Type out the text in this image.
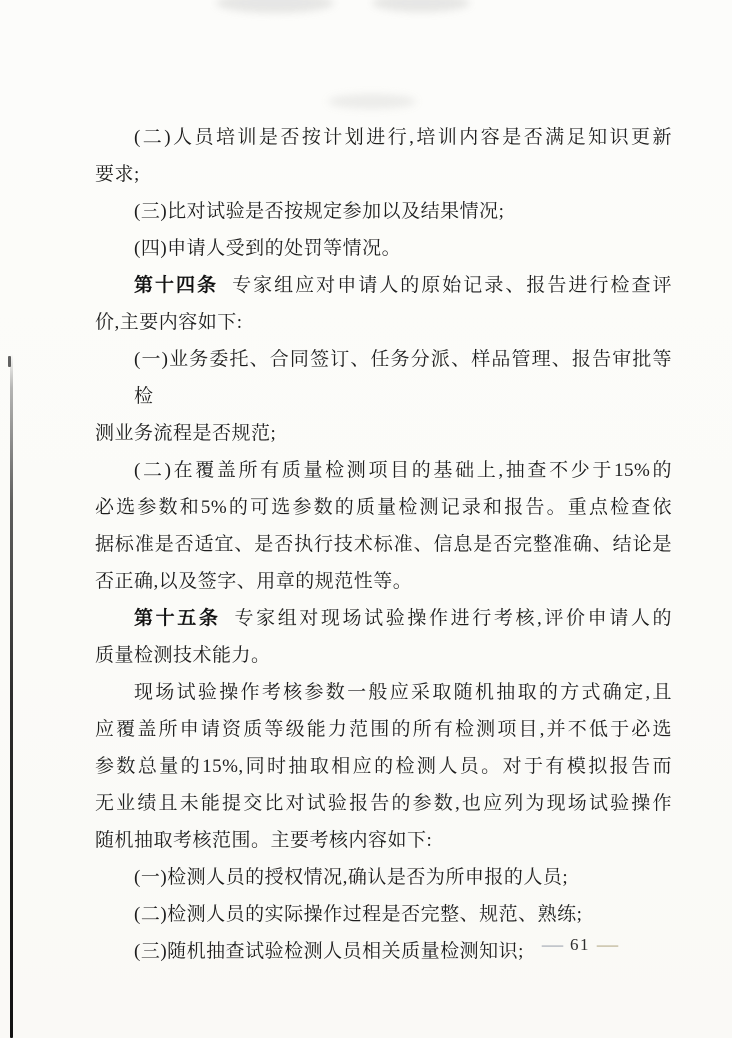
(二)人员培训是否按计划进行,培训内容是否满足知识更新
要求;
(三)比对试验是否按规定参加以及结果情况;
(四)申请人受到的处罚等情况。
第十四条 专家组应对申请人的原始记录、报告进行检查评
价,主要内容如下:
(一)业务委托、合同签订、任务分派、样品管理、报告审批等检
测业务流程是否规范;
(二)在覆盖所有质量检测项目的基础上,抽查不少于15%的
必选参数和5%的可选参数的质量检测记录和报告。重点检查依
据标准是否适宜、是否执行技术标准、信息是否完整准确、结论是
否正确,以及签字、用章的规范性等。
第十五条 专家组对现场试验操作进行考核,评价申请人的
质量检测技术能力。
现场试验操作考核参数一般应采取随机抽取的方式确定,且
应覆盖所申请资质等级能力范围的所有检测项目,并不低于必选
参数总量的15%,同时抽取相应的检测人员。对于有模拟报告而
无业绩且未能提交比对试验报告的参数,也应列为现场试验操作
随机抽取考核范围。主要考核内容如下:
(一)检测人员的授权情况,确认是否为所申报的人员;
(二)检测人员的实际操作过程是否完整、规范、熟练;
(三)随机抽查试验检测人员相关质量检测知识;	— 61 —
